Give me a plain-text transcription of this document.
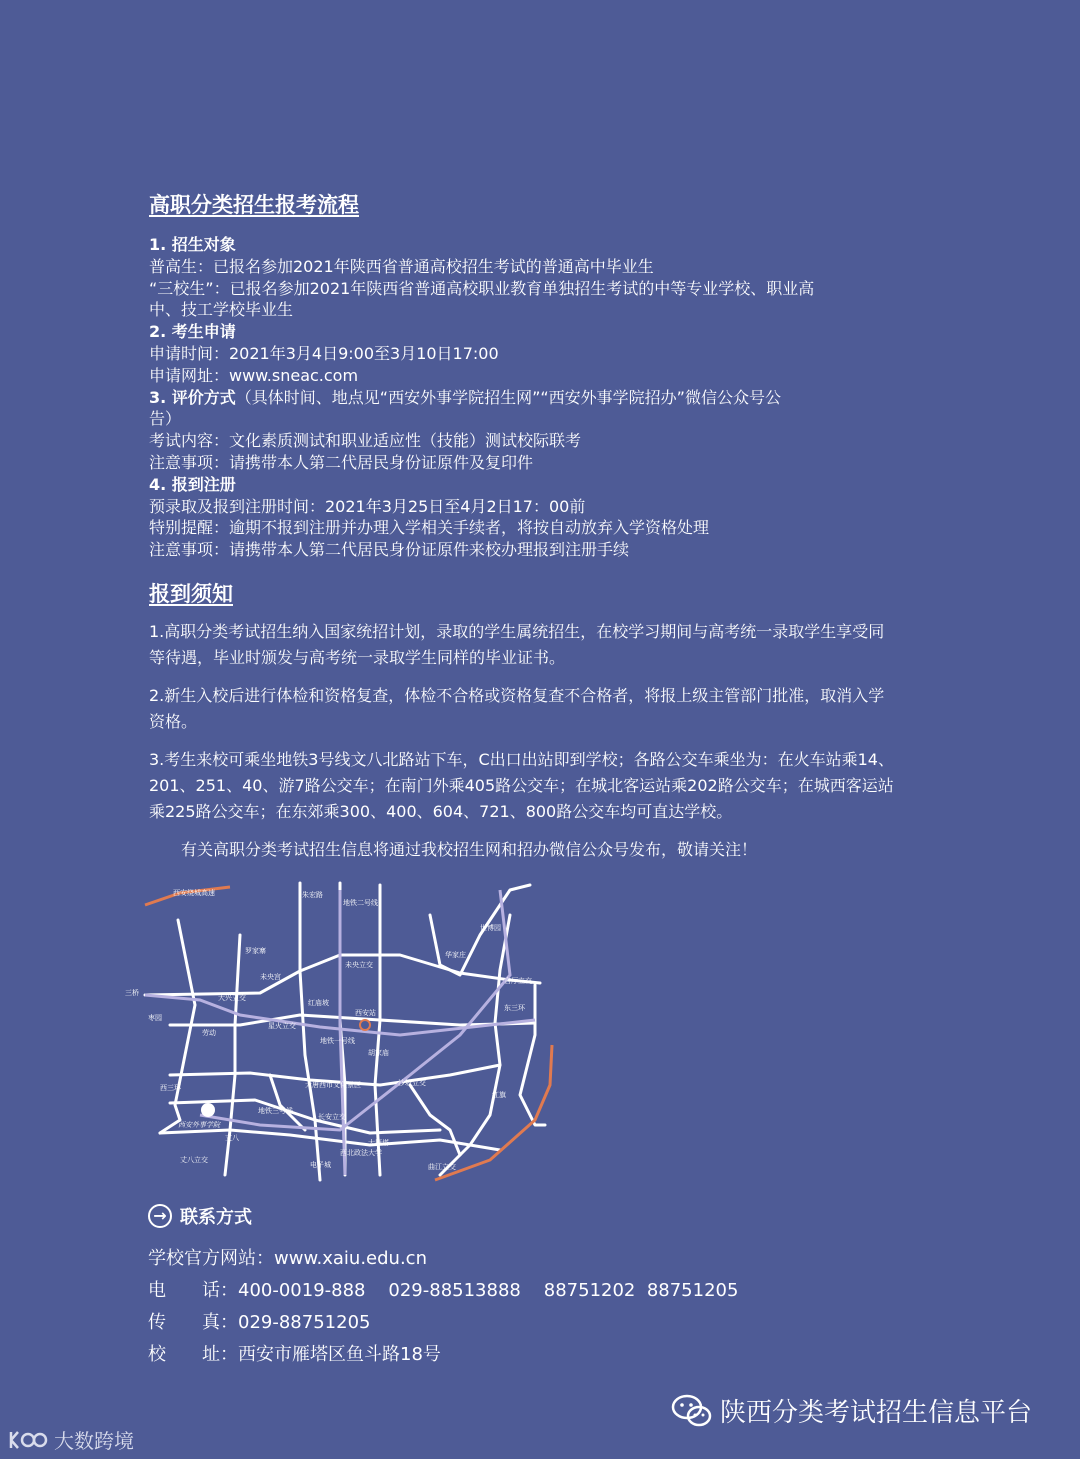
高职分类招生报考流程

1. 招生对象

普高生：已报名参加2021年陕西省普通高校招生考试的普通高中毕业生

“三校生”：已报名参加2021年陕西省普通高校职业教育单独招生考试的中等专业学校、职业高

中、技工学校毕业生

2. 考生申请

申请时间：2021年3月4日9:00至3月10日17:00

申请网址：www.sneac.com

3. 评价方式（具体时间、地点见“西安外事学院招生网”“西安外事学院招办”微信公众号公

告）

考试内容：文化素质测试和职业适应性（技能）测试校际联考

注意事项：请携带本人第二代居民身份证原件及复印件

4. 报到注册

预录取及报到注册时间：2021年3月25日至4月2日17：00前

特别提醒：逾期不报到注册并办理入学相关手续者，将按自动放弃入学资格处理

注意事项：请携带本人第二代居民身份证原件来校办理报到注册手续

报到须知
1.高职分类考试招生纳入国家统招计划，录取的学生属统招生，在校学习期间与高考统一录取学生享受同
等待遇，毕业时颁发与高考统一录取学生同样的毕业证书。
2.新生入校后进行体检和资格复查，体检不合格或资格复查不合格者，将报上级主管部门批准，取消入学
资格。
3.考生来校可乘坐地铁3号线文八北路站下车，C出口出站即到学校；各路公交车乘坐为：在火车站乘14、
201、251、40、游7路公交车；在南门外乘405路公交车；在城北客运站乘202路公交车；在城西客运站
乘225路公交车；在东郊乘300、400、604、721、800路公交车均可直达学校。
有关高职分类考试招生信息将通过我校招生网和招办微信公众号发布，敬请关注！
西安绕城高速	朱宏路
地铁二号线
世博园
罗家寨
未央立交
华家庄
未央宫	官厅立交
三桥
大兴立交
红庙坡
西安站
东三环
枣园
劳动
星火立交
地铁一号线
胡家庙
西三环	大唐西市文化景区	沙坡立交
红旗
地铁三号线
长安立交
大雁塔
丈八
西北政法大学
丈八立交
电子城	曲江立交
西安外事学院
→ 联系方式
学校官方网站：www.xaiu.edu.cn
电　　话：400-0019-888    029-88513888    88751202  88751205
传　　真：029-88751205
校　　址：西安市雁塔区鱼斗路18号
陕西分类考试招生信息平台
大数跨境
